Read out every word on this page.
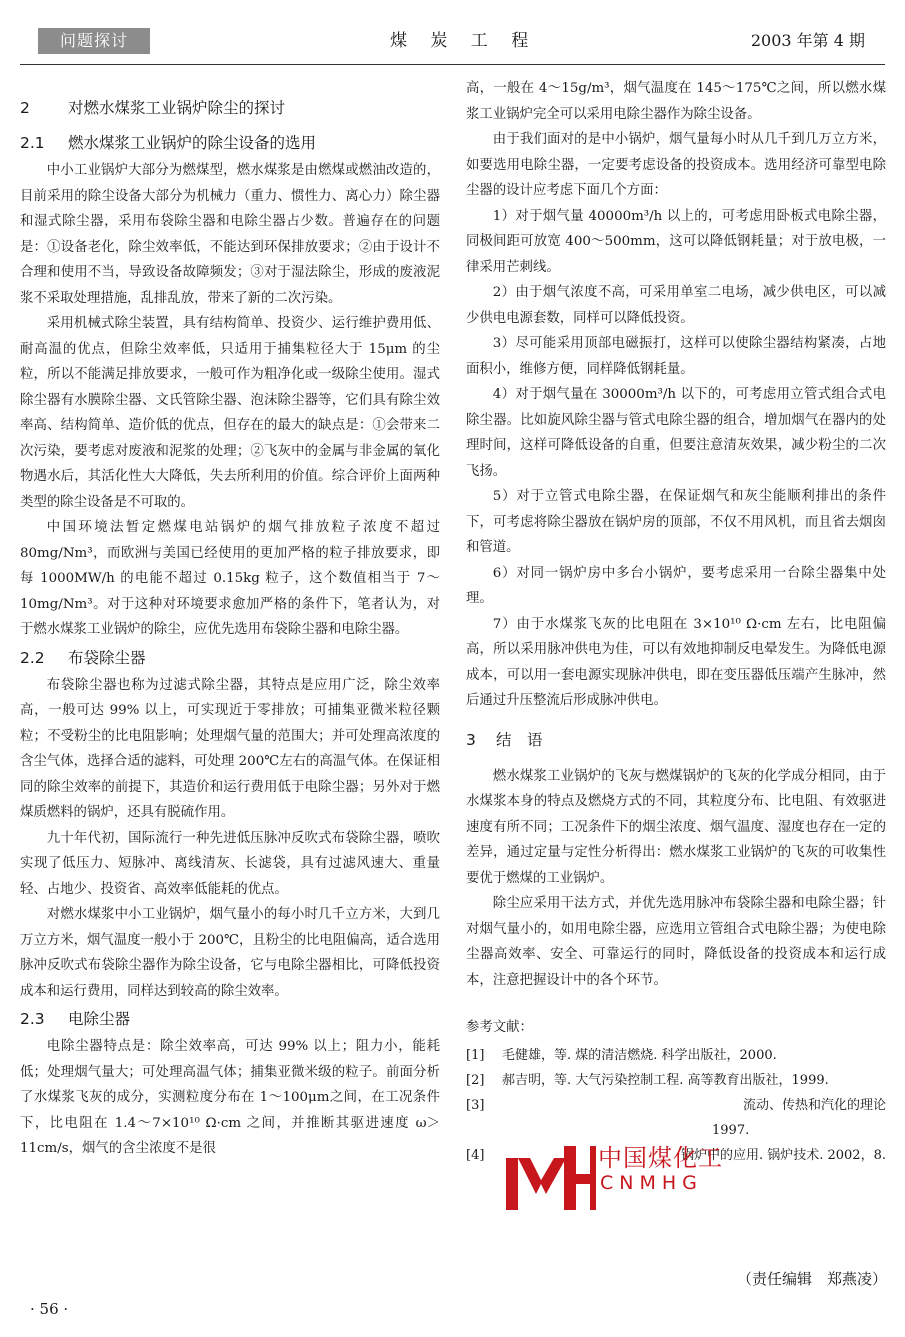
问题探讨	煤 炭 工 程	2003 年第 4 期
2 对燃水煤浆工业锅炉除尘的探讨
2.1 燃水煤浆工业锅炉的除尘设备的选用

中小工业锅炉大部分为燃煤型，燃水煤浆是由燃煤或燃油改造的，目前采用的除尘设备大部分为机械力（重力、惯性力、离心力）除尘器和湿式除尘器，采用布袋除尘器和电除尘器占少数。普遍存在的问题是：①设备老化，除尘效率低，不能达到环保排放要求；②由于设计不合理和使用不当，导致设备故障频发；③对于湿法除尘，形成的废液泥浆不采取处理措施，乱排乱放，带来了新的二次污染。

采用机械式除尘装置，具有结构简单、投资少、运行维护费用低、耐高温的优点，但除尘效率低，只适用于捕集粒径大于 15μm 的尘粒，所以不能满足排放要求，一般可作为粗净化或一级除尘使用。湿式除尘器有水膜除尘器、文氏管除尘器、泡沫除尘器等，它们具有除尘效率高、结构简单、造价低的优点，但存在的最大的缺点是：①会带来二次污染，要考虑对废液和泥浆的处理；②飞灰中的金属与非金属的氧化物遇水后，其活化性大大降低，失去所利用的价值。综合评价上面两种类型的除尘设备是不可取的。

中国环境法暂定燃煤电站锅炉的烟气排放粒子浓度不超过 80mg/Nm³，而欧洲与美国已经使用的更加严格的粒子排放要求，即每 1000MW/h 的电能不超过 0.15kg 粒子，这个数值相当于 7～10mg/Nm³。对于这种对环境要求愈加严格的条件下，笔者认为，对于燃水煤浆工业锅炉的除尘，应优先选用布袋除尘器和电除尘器。

2.2 布袋除尘器

布袋除尘器也称为过滤式除尘器，其特点是应用广泛，除尘效率高，一般可达 99% 以上，可实现近于零排放；可捕集亚微米粒径颗粒；不受粉尘的比电阻影响；处理烟气量的范围大；并可处理高浓度的含尘气体，选择合适的滤料，可处理 200℃左右的高温气体。在保证相同的除尘效率的前提下，其造价和运行费用低于电除尘器；另外对于燃煤质燃料的锅炉，还具有脱硫作用。

九十年代初，国际流行一种先进低压脉冲反吹式布袋除尘器，喷吹实现了低压力、短脉冲、离线清灰、长滤袋，具有过滤风速大、重量轻、占地少、投资省、高效率低能耗的优点。

对燃水煤浆中小工业锅炉，烟气量小的每小时几千立方米，大到几万立方米，烟气温度一般小于 200℃，且粉尘的比电阻偏高，适合选用脉冲反吹式布袋除尘器作为除尘设备，它与电除尘器相比，可降低投资成本和运行费用，同样达到较高的除尘效率。

2.3 电除尘器

电除尘器特点是：除尘效率高，可达 99% 以上；阻力小，能耗低；处理烟气量大；可处理高温气体；捕集亚微米级的粒子。前面分析了水煤浆飞灰的成分，实测粒度分布在 1～100μm之间，在工况条件下，比电阻在 1.4～7×10¹⁰ Ω·cm 之间，并推断其驱进速度 ω＞11cm/s，烟气的含尘浓度不是很

高，一般在 4～15g/m³，烟气温度在 145～175℃之间，所以燃水煤浆工业锅炉完全可以采用电除尘器作为除尘设备。

由于我们面对的是中小锅炉，烟气量每小时从几千到几万立方米，如要选用电除尘器，一定要考虑设备的投资成本。选用经济可靠型电除尘器的设计应考虑下面几个方面：

1）对于烟气量 40000m³/h 以上的，可考虑用卧板式电除尘器，同极间距可放宽 400～500mm，这可以降低钢耗量；对于放电极，一律采用芒刺线。

2）由于烟气浓度不高，可采用单室二电场，减少供电区，可以减少供电电源套数，同样可以降低投资。

3）尽可能采用顶部电磁振打，这样可以使除尘器结构紧凑，占地面积小，维修方便，同样降低钢耗量。

4）对于烟气量在 30000m³/h 以下的，可考虑用立管式组合式电除尘器。比如旋风除尘器与管式电除尘器的组合，增加烟气在器内的处理时间，这样可降低设备的自重，但要注意清灰效果，减少粉尘的二次飞扬。

5）对于立管式电除尘器，在保证烟气和灰尘能顺利排出的条件下，可考虑将除尘器放在锅炉房的顶部，不仅不用风机，而且省去烟囱和管道。

6）对同一锅炉房中多台小锅炉，要考虑采用一台除尘器集中处理。

7）由于水煤浆飞灰的比电阻在 3×10¹⁰ Ω·cm 左右，比电阻偏高，所以采用脉冲供电为佳，可以有效地抑制反电晕发生。为降低电源成本，可以用一套电源实现脉冲供电，即在变压器低压端产生脉冲，然后通过升压整流后形成脉冲供电。

3 结　语

燃水煤浆工业锅炉的飞灰与燃煤锅炉的飞灰的化学成分相同，由于水煤浆本身的特点及燃烧方式的不同，其粒度分布、比电阻、有效驱进速度有所不同；工况条件下的烟尘浓度、烟气温度、湿度也存在一定的差异，通过定量与定性分析得出：燃水煤浆工业锅炉的飞灰的可收集性要优于燃煤的工业锅炉。

除尘应采用干法方式，并优先选用脉冲布袋除尘器和电除尘器；针对烟气量小的，如用电除尘器，应选用立管组合式电除尘器；为使电除尘器高效率、安全、可靠运行的同时，降低设备的投资成本和运行成本，注意把握设计中的各个环节。

参考文献：
[1]	毛健雄，等. 煤的清洁燃烧. 科学出版社，2000.
[2]	郝吉明，等. 大气污染控制工程. 高等教育出版社，1999.
[3]	流动、传热和汽化的理论
1997.
[4]	锅炉中的应用. 锅炉技术. 2002，8.
中国煤化工
CNMHG
（责任编辑　郑燕凌）
· 56 ·
